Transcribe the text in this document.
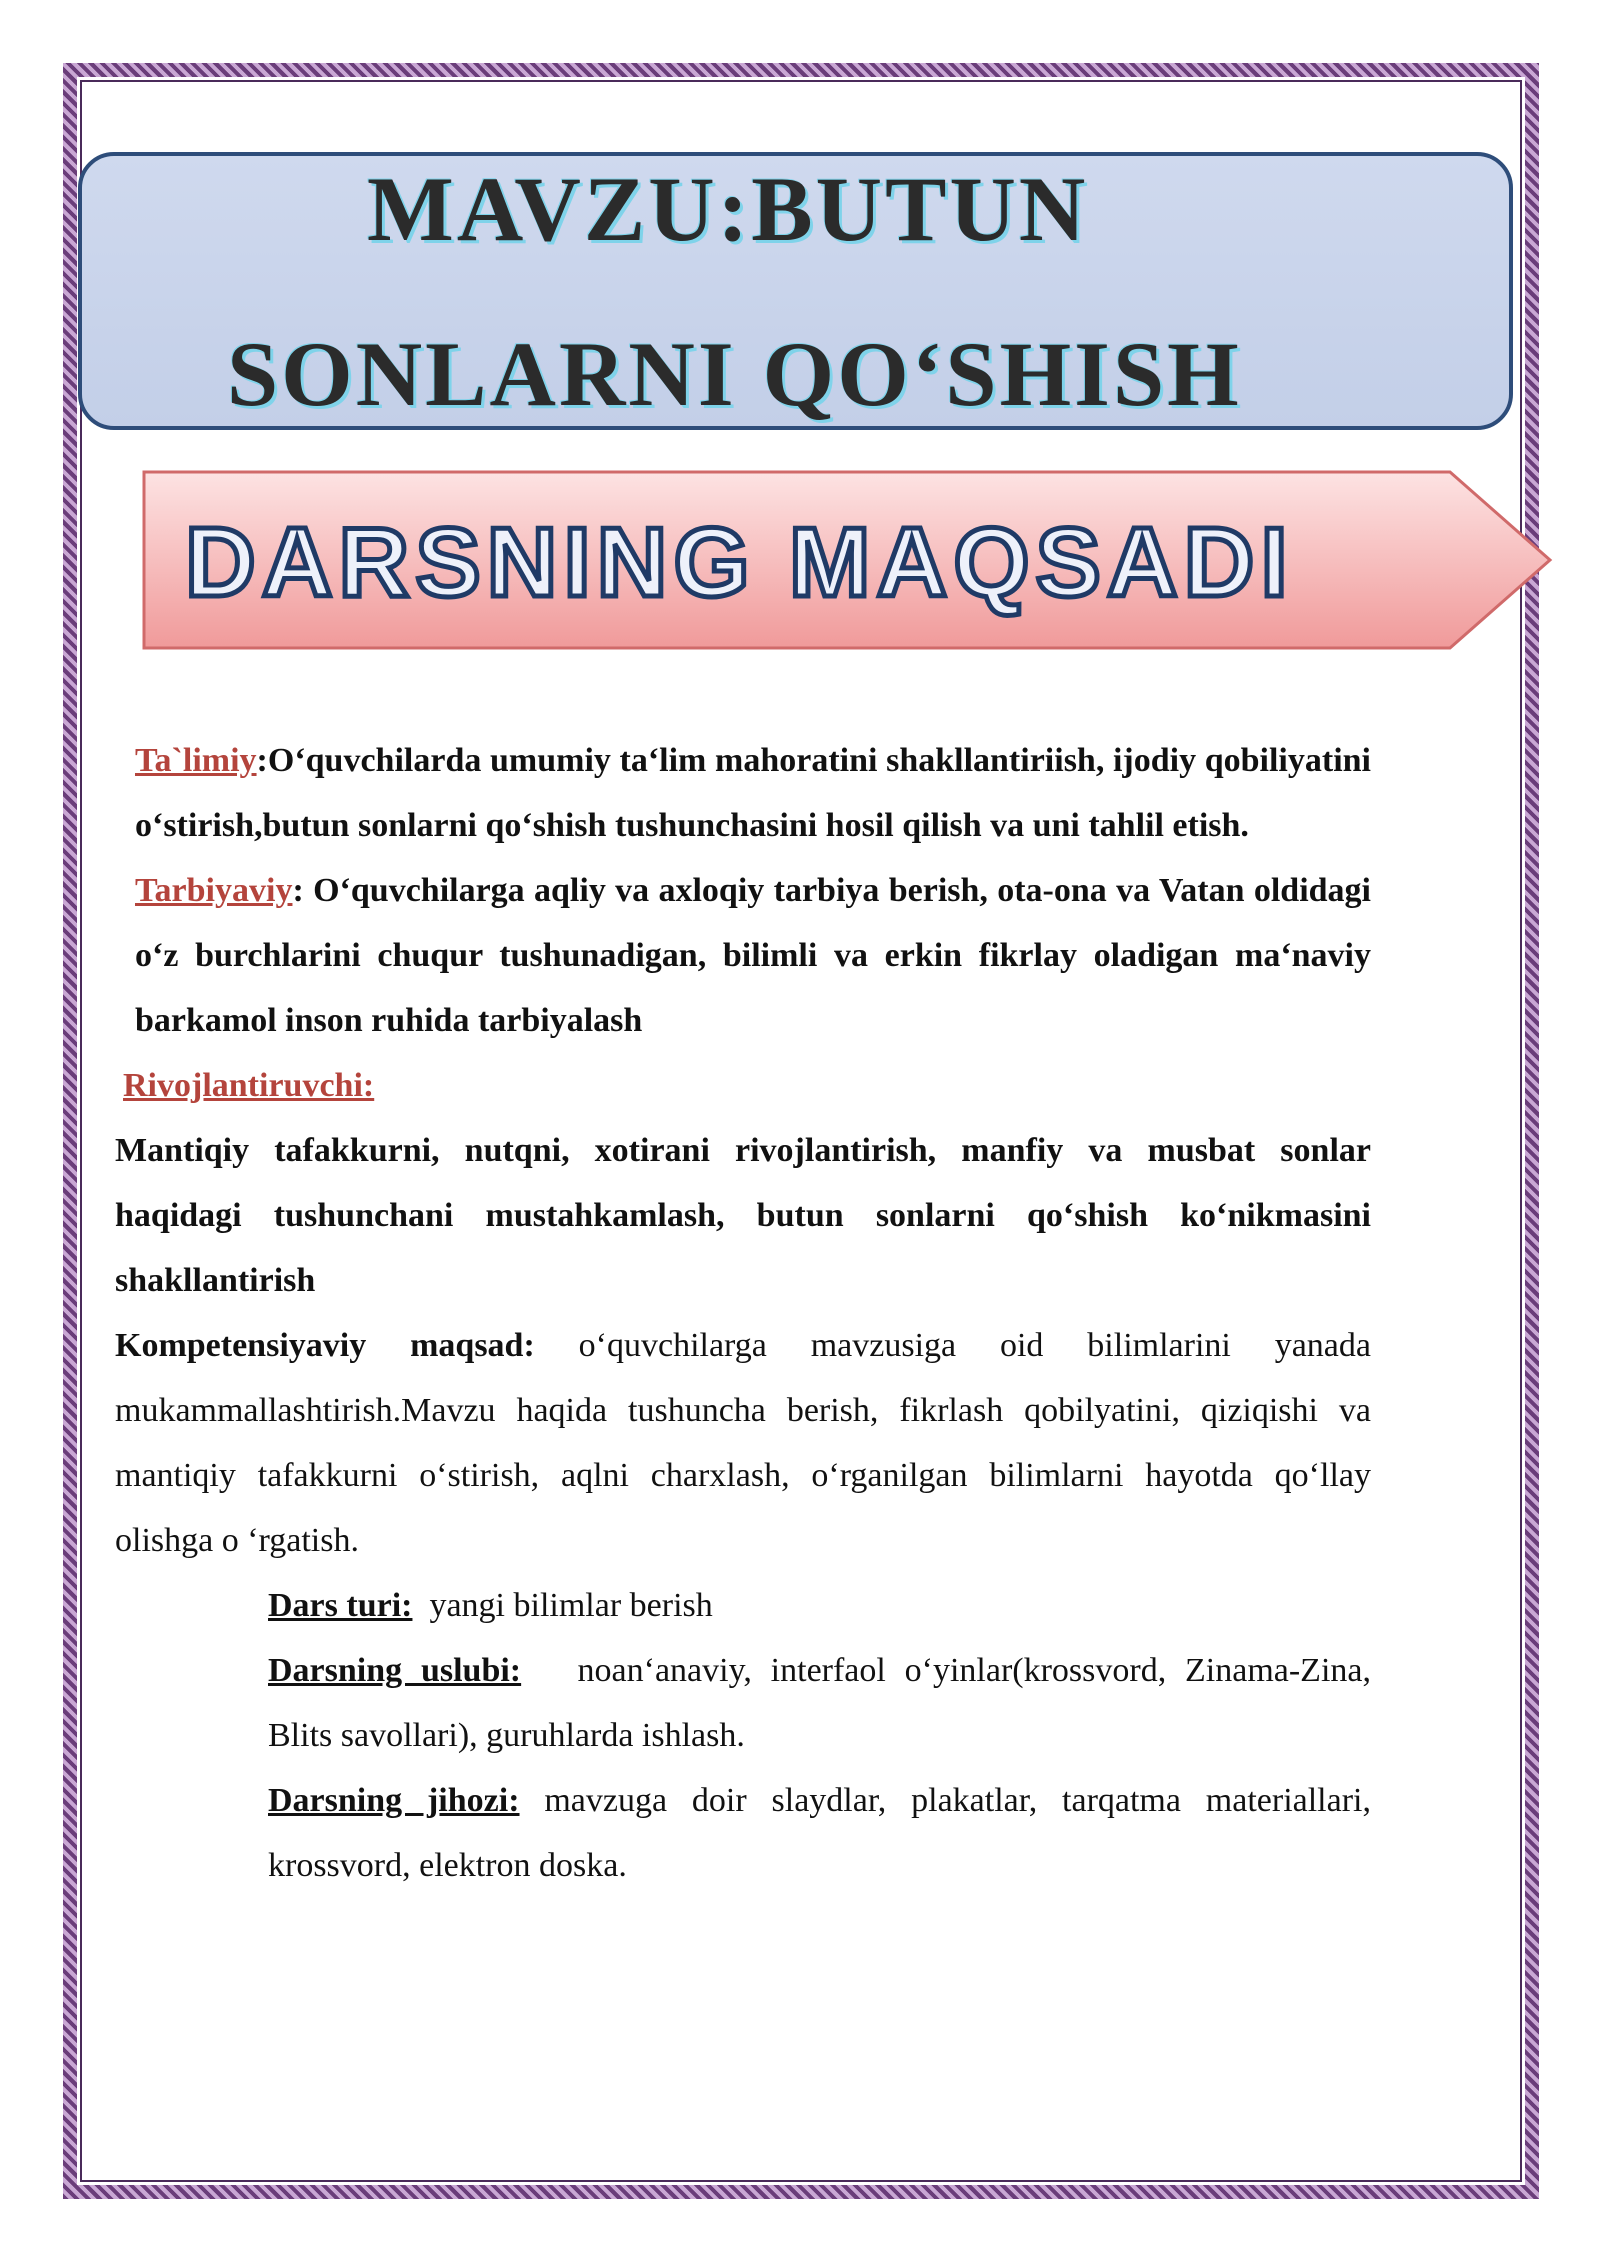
MAVZU:BUTUN
SONLARNI QO‘SHISH
DARSNING MAQSADI

Ta`limiy:O‘quvchilarda umumiy ta‘lim mahoratini shakllantiriish, ijodiy qobiliyatini o‘stirish,butun sonlarni qo‘shish tushunchasini hosil qilish va uni tahlil etish.

Tarbiyaviy: O‘quvchilarga aqliy va axloqiy tarbiya berish, ota-ona va Vatan oldidagi o‘z burchlarini chuqur tushunadigan, bilimli va erkin fikrlay oladigan ma‘naviy barkamol inson ruhida tarbiyalash

Rivojlantiruvchi:

Mantiqiy tafakkurni, nutqni, xotirani rivojlantirish, manfiy va musbat sonlar haqidagi tushunchani mustahkamlash, butun sonlarni qo‘shish ko‘nikmasini shakllantirish

Kompetensiyaviy maqsad: o‘quvchilarga mavzusiga oid bilimlarini yanada mukammallashtirish.Mavzu haqida tushuncha berish, fikrlash qobilyatini, qiziqishi va mantiqiy tafakkurni o‘stirish, aqlni charxlash, o‘rganilgan bilimlarni hayotda qo‘llay olishga o ‘rgatish.

Dars turi:  yangi bilimlar berish

Darsning uslubi:   noan‘anaviy, interfaol o‘yinlar(krossvord, Zinama-Zina, Blits savollari), guruhlarda ishlash.

Darsning jihozi: mavzuga doir slaydlar, plakatlar, tarqatma materiallari, krossvord, elektron doska.
